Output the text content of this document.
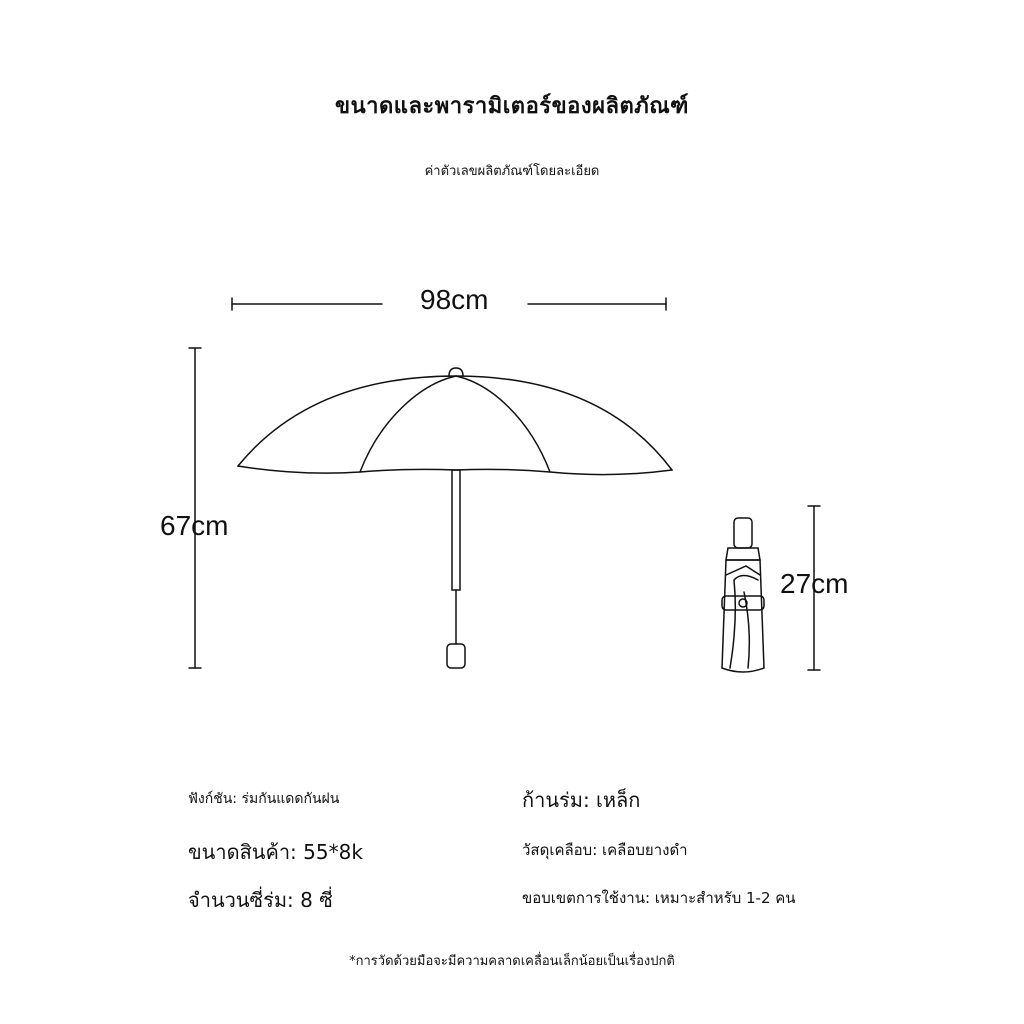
ขนาดและพารามิเตอร์ของผลิตภัณฑ์
ค่าตัวเลขผลิตภัณฑ์โดยละเอียด
98cm
67cm
27cm
ฟังก์ชัน: ร่มกันแดดกันฝน	ก้านร่ม: เหล็ก
ขนาดสินค้า: 55*8k	วัสดุเคลือบ: เคลือบยางดำ
จำนวนซี่ร่ม: 8 ซี่	ขอบเขตการใช้งาน: เหมาะสำหรับ 1-2 คน
*การวัดด้วยมือจะมีความคลาดเคลื่อนเล็กน้อยเป็นเรื่องปกติ
